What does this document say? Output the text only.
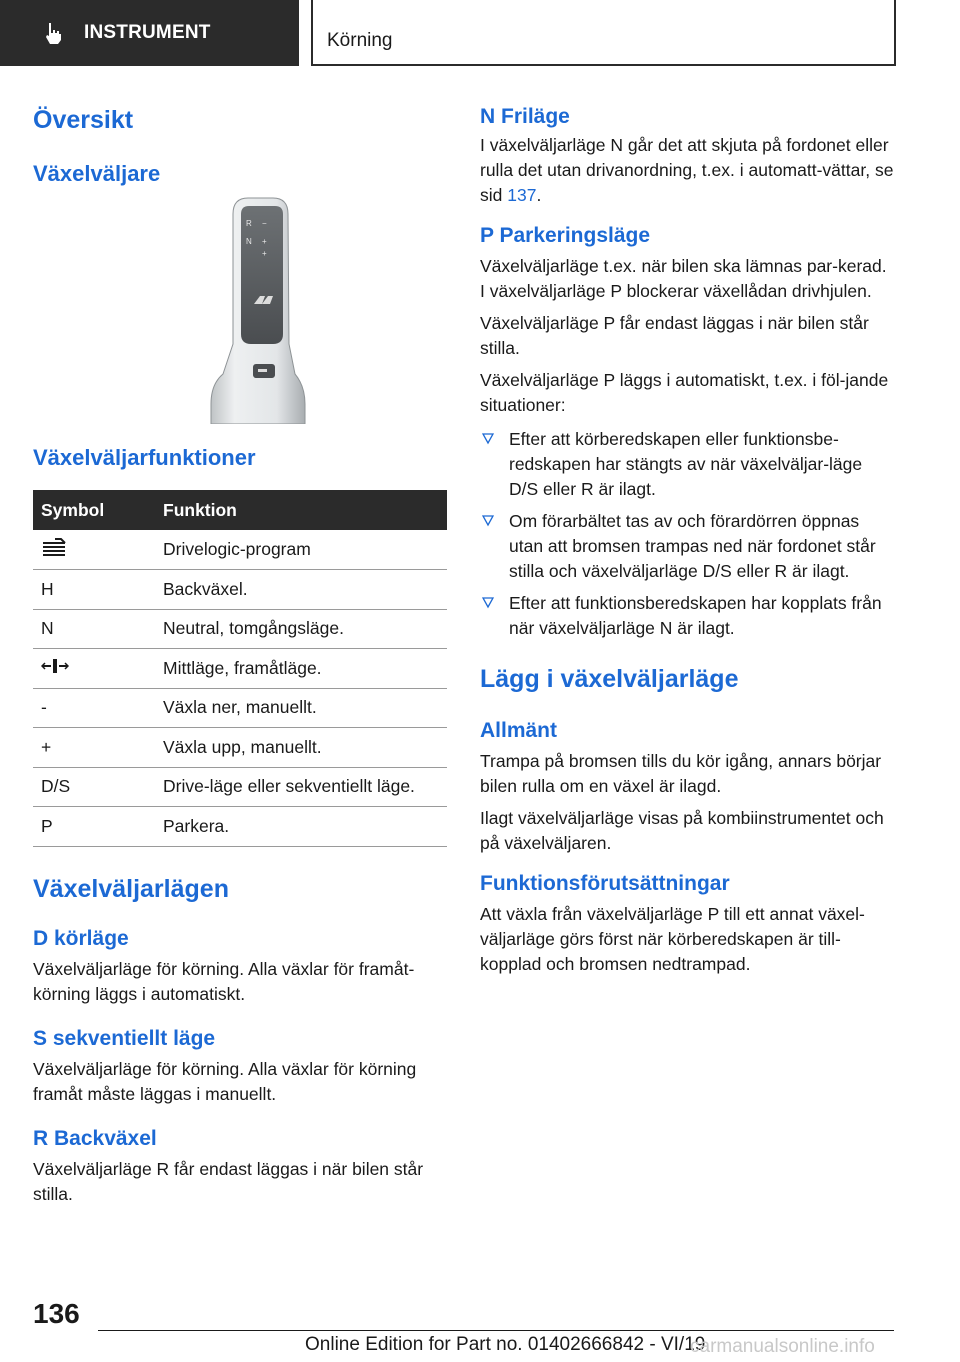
INSTRUMENT	Körning
Översikt
Växelväljare
R −
N +
+
Växelväljarfunktioner
Symbol	Funktion
	Drivelogic-program
H	Backväxel.
N	Neutral, tomgångsläge.
	Mittläge, framåtläge.
-	Växla ner, manuellt.
+	Växla upp, manuellt.
D/S	Drive-läge eller sekventiellt läge.
P	Parkera.
Växelväljarlägen
D körläge
Växelväljarläge för körning. Alla växlar för framåt-körning läggs i automatiskt.
S sekventiellt läge
Växelväljarläge för körning. Alla växlar för körning framåt måste läggas i manuellt.
R Backväxel
Växelväljarläge R får endast läggas i när bilen står stilla.
N Friläge
I växelväljarläge N går det att skjuta på fordonet eller rulla det utan drivanordning, t.ex. i automatt-vättar, se sid 137.
P Parkeringsläge
Växelväljarläge t.ex. när bilen ska lämnas par-kerad. I växelväljarläge P blockerar växellådan drivhjulen.
Växelväljarläge P får endast läggas i när bilen står stilla.
Växelväljarläge P läggs i automatiskt, t.ex. i föl-jande situationer:
Efter att körberedskapen eller funktionsbe-redskapen har stängts av när växelväljar-läge D/S eller R är ilagt.
Om förarbältet tas av och förardörren öppnas utan att bromsen trampas ned när fordonet står stilla och växelväljarläge D/S eller R är ilagt.
Efter att funktionsberedskapen har kopplats från när växelväljarläge N är ilagt.
Lägg i växelväljarläge
Allmänt
Trampa på bromsen tills du kör igång, annars börjar bilen rulla om en växel är ilagd.
Ilagt växelväljarläge visas på kombiinstrumentet och på växelväljaren.
Funktionsförutsättningar
Att växla från växelväljarläge P till ett annat växel-väljarläge görs först när körberedskapen är till-kopplad och bromsen nedtrampad.
136
Online Edition for Part no. 01402666842 - VI/19
carmanualsonline.info
